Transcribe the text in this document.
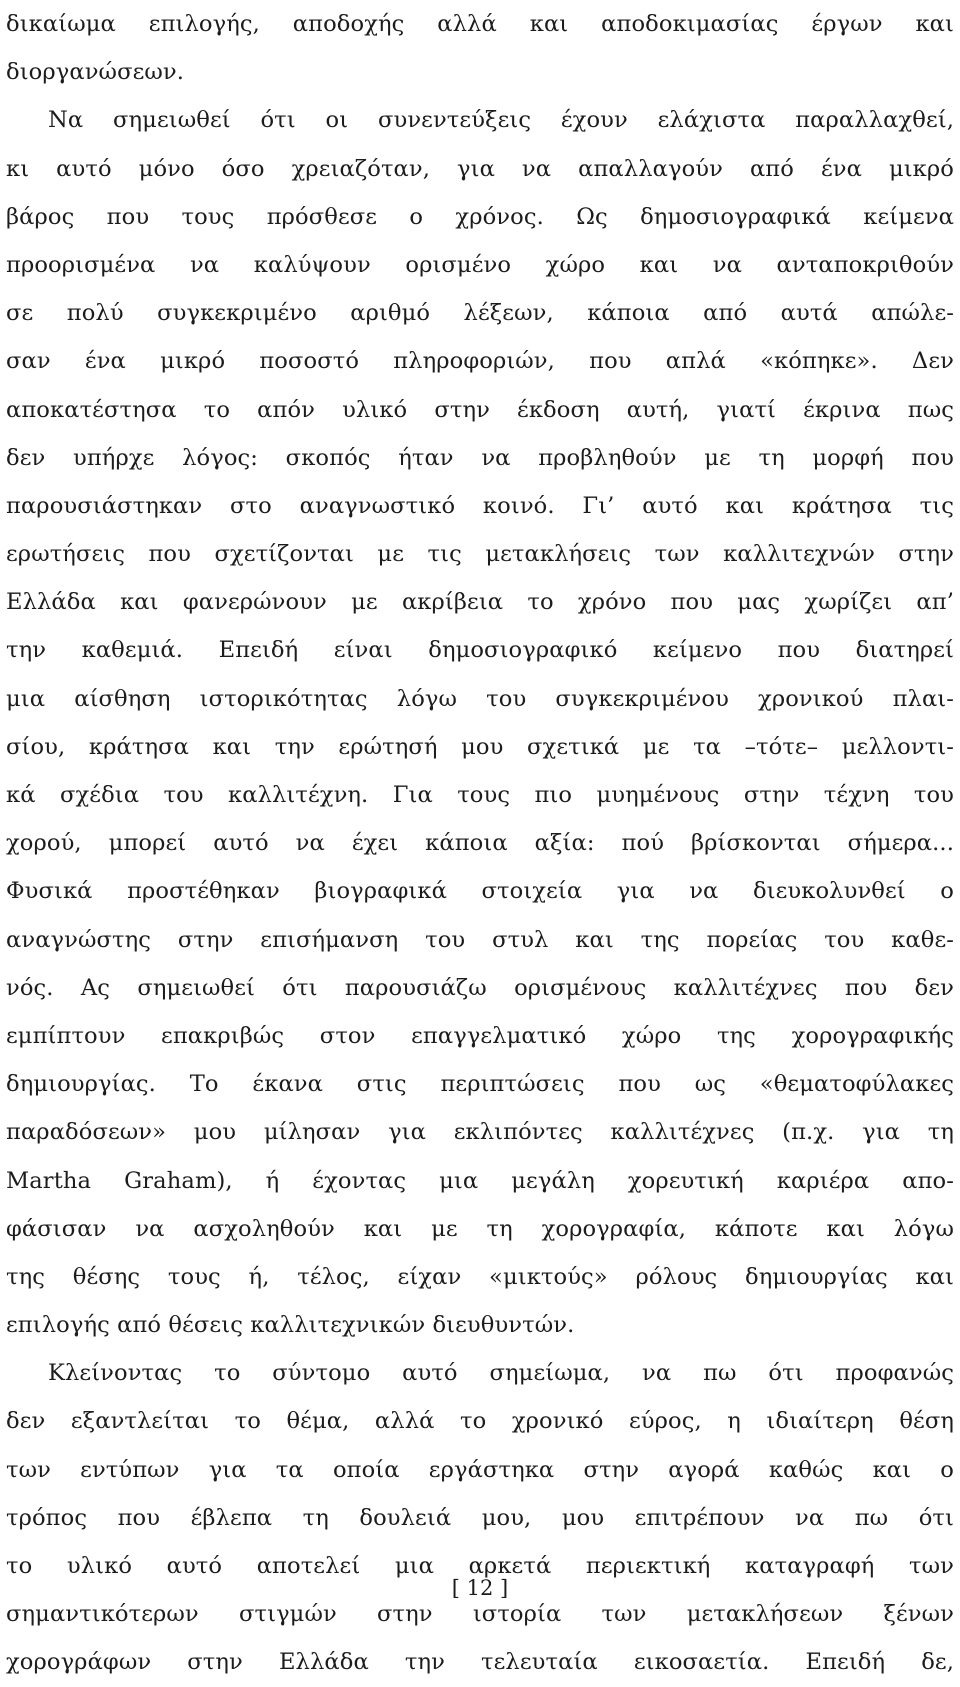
δικαίωμα επιλογής, αποδοχής αλλά και αποδοκιμασίας έργων και
διοργανώσεων.
Να σημειωθεί ότι οι συνεντεύξεις έχουν ελάχιστα παραλλαχθεί,
κι αυτό μόνο όσο χρειαζόταν, για να απαλλαγούν από ένα μικρό
βάρος που τους πρόσθεσε ο χρόνος. Ως δημοσιογραφικά κείμενα
προορισμένα να καλύψουν ορισμένο χώρο και να ανταποκριθούν
σε πολύ συγκεκριμένο αριθμό λέξεων, κάποια από αυτά απώλε-
σαν ένα μικρό ποσοστό πληροφοριών, που απλά «κόπηκε». Δεν
αποκατέστησα το απόν υλικό στην έκδοση αυτή, γιατί έκρινα πως
δεν υπήρχε λόγος: σκοπός ήταν να προβληθούν με τη μορφή που
παρουσιάστηκαν στο αναγνωστικό κοινό. Γι’ αυτό και κράτησα τις
ερωτήσεις που σχετίζονται με τις μετακλήσεις των καλλιτεχνών στην
Ελλάδα και φανερώνουν με ακρίβεια το χρόνο που μας χωρίζει απ’
την καθεμιά. Επειδή είναι δημοσιογραφικό κείμενο που διατηρεί
μια αίσθηση ιστορικότητας λόγω του συγκεκριμένου χρονικού πλαι-
σίου, κράτησα και την ερώτησή μου σχετικά με τα –τότε– μελλοντι-
κά σχέδια του καλλιτέχνη. Για τους πιο μυημένους στην τέχνη του
χορού, μπορεί αυτό να έχει κάποια αξία: πού βρίσκονται σήμερα...
Φυσικά προστέθηκαν βιογραφικά στοιχεία για να διευκολυνθεί ο
αναγνώστης στην επισήμανση του στυλ και της πορείας του καθε-
νός. Ας σημειωθεί ότι παρουσιάζω ορισμένους καλλιτέχνες που δεν
εμπίπτουν επακριβώς στον επαγγελματικό χώρο της χορογραφικής
δημιουργίας. Το έκανα στις περιπτώσεις που ως «θεματοφύλακες
παραδόσεων» μου μίλησαν για εκλιπόντες καλλιτέχνες (π.χ. για τη
Martha Graham), ή έχοντας μια μεγάλη χορευτική καριέρα απο-
φάσισαν να ασχοληθούν και με τη χορογραφία, κάποτε και λόγω
της θέσης τους ή, τέλος, είχαν «μικτούς» ρόλους δημιουργίας και
επιλογής από θέσεις καλλιτεχνικών διευθυντών.
Κλείνοντας το σύντομο αυτό σημείωμα, να πω ότι προφανώς
δεν εξαντλείται το θέμα, αλλά το χρονικό εύρος, η ιδιαίτερη θέση
των εντύπων για τα οποία εργάστηκα στην αγορά καθώς και ο
τρόπος που έβλεπα τη δουλειά μου, μου επιτρέπουν να πω ότι
το υλικό αυτό αποτελεί μια αρκετά περιεκτική καταγραφή των
σημαντικότερων στιγμών στην ιστορία των μετακλήσεων ξένων
χορογράφων στην Ελλάδα την τελευταία εικοσαετία. Επειδή δε,
[ 12 ]
